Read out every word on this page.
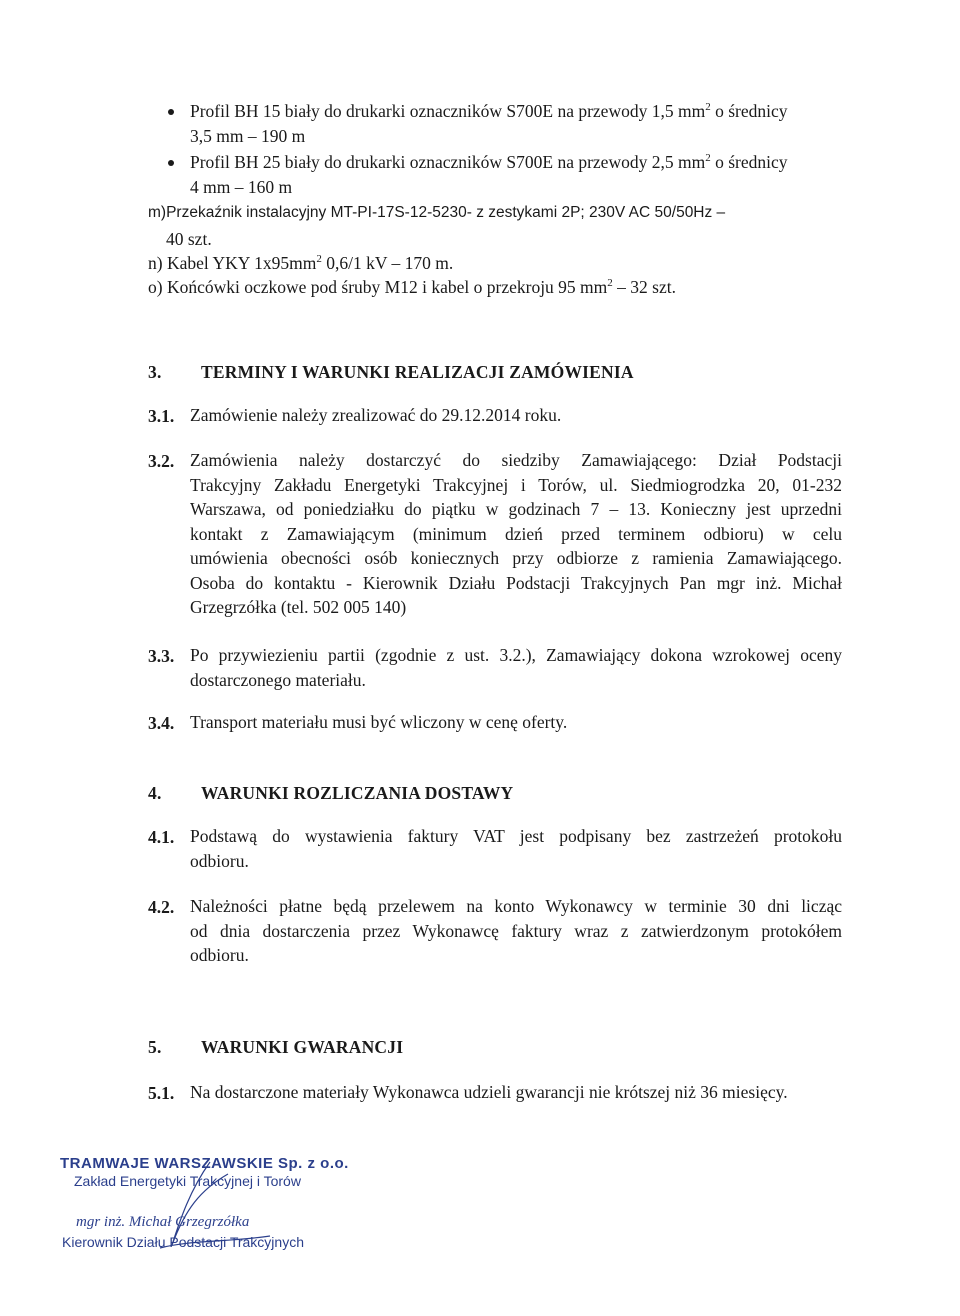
Profil BH 15 biały do drukarki oznaczników S700E na przewody 1,5 $mm^2$ o średnicy
3,5 mm – 190 m
Profil BH 25 biały do drukarki oznaczników S700E na przewody 2,5 $mm^2$ o średnicy
4 mm – 160 m
m)Przekaźnik instalacyjny MT-PI-17S-12-5230- z zestykami 2P; 230V AC 50/50Hz –
40 szt.
n) Kabel YKY $1x95mm^2$ 0,6/1 kV – 170 m.
o) Końcówki oczkowe pod śruby M12 i kabel o przekroju 95 $mm^2 - 32$ szt.
3. TERMINY I WARUNKI REALIZACJI ZAMÓWIENIA
3.1. Zamówienie należy zrealizować do 29.12.2014 roku.
3.2. Zamówienia należy dostarczyć do siedziby Zamawiającego: Dział Podstacji
Trakcyjny Zakładu Energetyki Trakcyjnej i Torów, ul. Siedmiogrodzka 20, 01-232
Warszawa, od poniedziałku do piątku w godzinach 7 – 13. Konieczny jest uprzedni
kontakt z Zamawiającym (minimum dzień przed terminem odbioru) w celu
umówienia obecności osób koniecznych przy odbiorze z ramienia Zamawiającego.
Osoba do kontaktu - Kierownik Działu Podstacji Trakcyjnych Pan mgr inż. Michał
Grzegrzółka (tel. 502 005 140)
3.3. Po przywiezieniu partii (zgodnie z ust. 3.2.), Zamawiający dokona wzrokowej oceny
dostarczonego materiału.
3.4. Transport materiału musi być wliczony w cenę oferty.
4. WARUNKI ROZLICZANIA DOSTAWY
4.1. Podstawą do wystawienia faktury VAT jest podpisany bez zastrzeżeń protokołu
odbioru.
4.2. Należności płatne będą przelewem na konto Wykonawcy w terminie 30 dni licząc
od dnia dostarczenia przez Wykonawcę faktury wraz z zatwierdzonym protokółem
odbioru.
5. WARUNKI GWARANCJI
5.1. Na dostarczone materiały Wykonawca udzieli gwarancji nie krótszej niż 36 miesięcy.
TRAMWAJE WARSZAWSKIE Sp. z o.o.
Zakład Energetyki Trakcyjnej i Torów
mgr inż. Michał Grzegrzółka
Kierownik Działu Podstacji Trakcyjnych
